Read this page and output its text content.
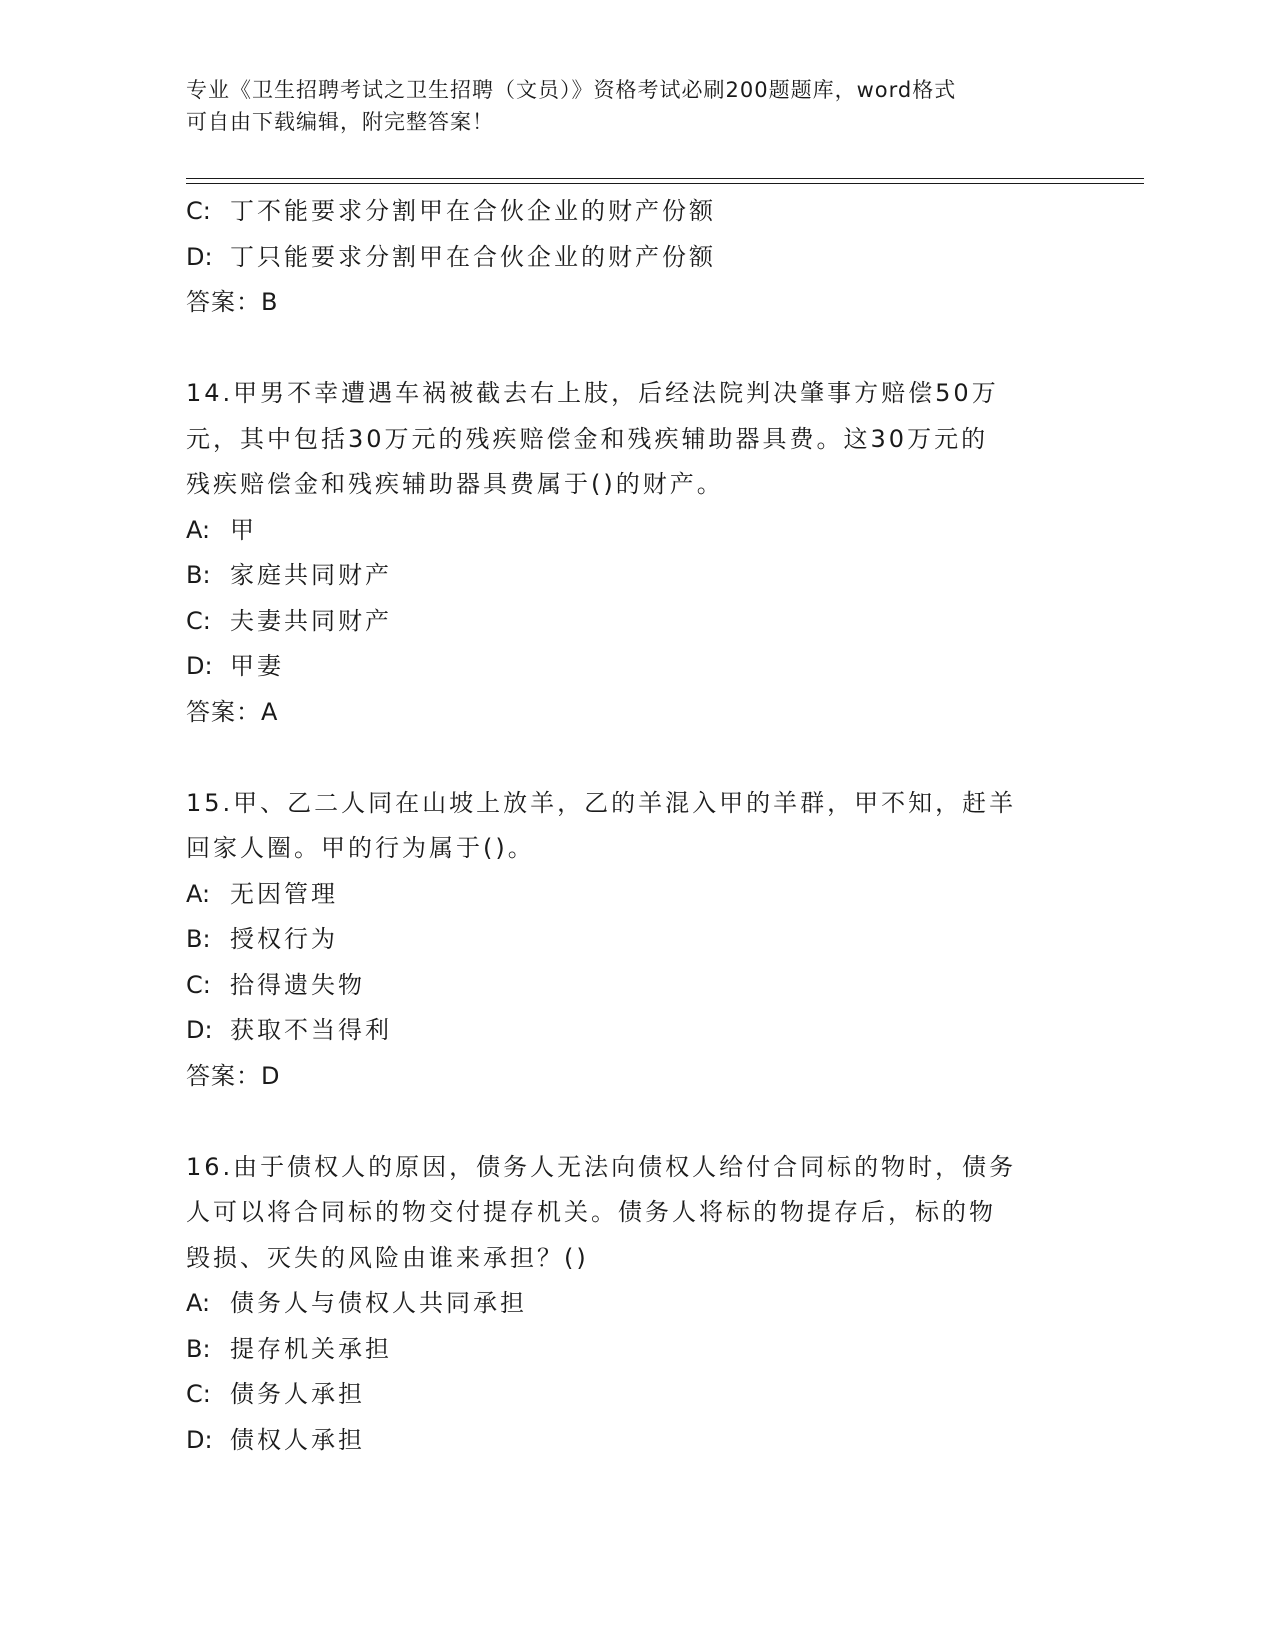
专业《卫生招聘考试之卫生招聘（文员）》资格考试必刷200题题库，word格式
可自由下载编辑，附完整答案！
C: 丁不能要求分割甲在合伙企业的财产份额
D: 丁只能要求分割甲在合伙企业的财产份额
答案：B
14.甲男不幸遭遇车祸被截去右上肢，后经法院判决肇事方赔偿50万
元，其中包括30万元的残疾赔偿金和残疾辅助器具费。这30万元的
残疾赔偿金和残疾辅助器具费属于()的财产。
A: 甲
B: 家庭共同财产
C: 夫妻共同财产
D: 甲妻
答案：A
15.甲、乙二人同在山坡上放羊，乙的羊混入甲的羊群，甲不知，赶羊
回家人圈。甲的行为属于()。
A: 无因管理
B: 授权行为
C: 拾得遗失物
D: 获取不当得利
答案：D
16.由于债权人的原因，债务人无法向债权人给付合同标的物时，债务
人可以将合同标的物交付提存机关。债务人将标的物提存后，标的物
毁损、灭失的风险由谁来承担？()
A: 债务人与债权人共同承担
B: 提存机关承担
C: 债务人承担
D: 债权人承担
